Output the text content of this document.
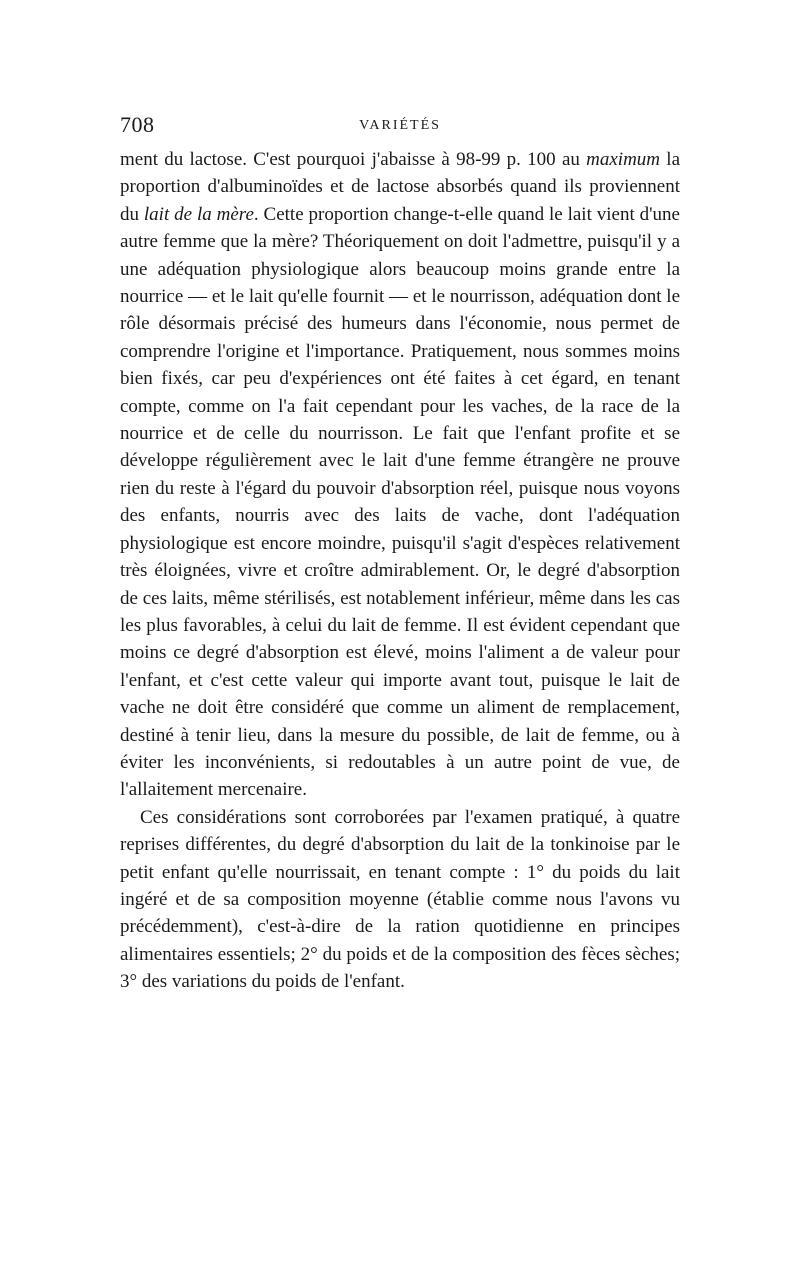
708	VARIÉTÉS

ment du lactose. C'est pourquoi j'abaisse à 98-99 p. 100 au maximum la proportion d'albuminoïdes et de lactose absorbés quand ils proviennent du lait de la mère. Cette proportion change-t-elle quand le lait vient d'une autre femme que la mère? Théoriquement on doit l'admettre, puisqu'il y a une adéquation physiologique alors beaucoup moins grande entre la nourrice — et le lait qu'elle fournit — et le nourrisson, adéquation dont le rôle désormais précisé des humeurs dans l'économie, nous permet de comprendre l'origine et l'importance. Pratiquement, nous sommes moins bien fixés, car peu d'expériences ont été faites à cet égard, en tenant compte, comme on l'a fait cependant pour les vaches, de la race de la nourrice et de celle du nourrisson. Le fait que l'enfant profite et se développe régulièrement avec le lait d'une femme étrangère ne prouve rien du reste à l'égard du pouvoir d'absorption réel, puisque nous voyons des enfants, nourris avec des laits de vache, dont l'adéquation physiologique est encore moindre, puisqu'il s'agit d'espèces relativement très éloignées, vivre et croître admirablement. Or, le degré d'absorption de ces laits, même stérilisés, est notablement inférieur, même dans les cas les plus favorables, à celui du lait de femme. Il est évident cependant que moins ce degré d'absorption est élevé, moins l'aliment a de valeur pour l'enfant, et c'est cette valeur qui importe avant tout, puisque le lait de vache ne doit être considéré que comme un aliment de remplacement, destiné à tenir lieu, dans la mesure du possible, de lait de femme, ou à éviter les inconvénients, si redoutables à un autre point de vue, de l'allaitement mercenaire.

Ces considérations sont corroborées par l'examen pratiqué, à quatre reprises différentes, du degré d'absorption du lait de la tonkinoise par le petit enfant qu'elle nourrissait, en tenant compte : 1° du poids du lait ingéré et de sa composition moyenne (établie comme nous l'avons vu précédemment), c'est-à-dire de la ration quotidienne en principes alimentaires essentiels; 2° du poids et de la composition des fèces sèches; 3° des variations du poids de l'enfant.
